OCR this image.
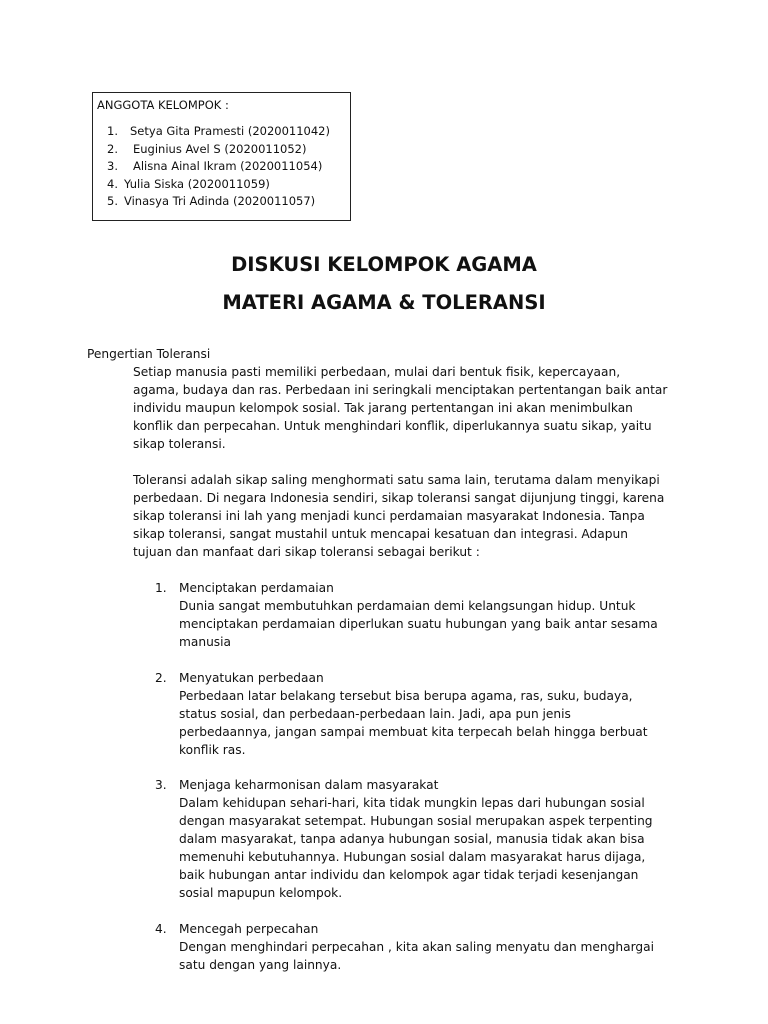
ANGGOTA KELOMPOK :
1. Setya Gita Pramesti (2020011042)
2. Euginius Avel S (2020011052)
3. Alisna Ainal Ikram (2020011054)
4. Yulia Siska (2020011059)
5. Vinasya Tri Adinda (2020011057)
DISKUSI KELOMPOK AGAMA
MATERI AGAMA & TOLERANSI
Pengertian Toleransi
Setiap manusia pasti memiliki perbedaan, mulai dari bentuk fisik, kepercayaan,
agama, budaya dan ras. Perbedaan ini seringkali menciptakan pertentangan baik antar
individu maupun kelompok sosial. Tak jarang pertentangan ini akan menimbulkan
konflik dan perpecahan. Untuk menghindari konflik, diperlukannya suatu sikap, yaitu
sikap toleransi.
Toleransi adalah sikap saling menghormati satu sama lain, terutama dalam menyikapi
perbedaan. Di negara Indonesia sendiri, sikap toleransi sangat dijunjung tinggi, karena
sikap toleransi ini lah yang menjadi kunci perdamaian masyarakat Indonesia. Tanpa
sikap toleransi, sangat mustahil untuk mencapai kesatuan dan integrasi. Adapun
tujuan dan manfaat dari sikap toleransi sebagai berikut :
1. Menciptakan perdamaian
Dunia sangat membutuhkan perdamaian demi kelangsungan hidup. Untuk
menciptakan perdamaian diperlukan suatu hubungan yang baik antar sesama
manusia
2. Menyatukan perbedaan
Perbedaan latar belakang tersebut bisa berupa agama, ras, suku, budaya,
status sosial, dan perbedaan-perbedaan lain. Jadi, apa pun jenis
perbedaannya, jangan sampai membuat kita terpecah belah hingga berbuat
konflik ras.
3. Menjaga keharmonisan dalam masyarakat
Dalam kehidupan sehari-hari, kita tidak mungkin lepas dari hubungan sosial
dengan masyarakat setempat. Hubungan sosial merupakan aspek terpenting
dalam masyarakat, tanpa adanya hubungan sosial, manusia tidak akan bisa
memenuhi kebutuhannya. Hubungan sosial dalam masyarakat harus dijaga,
baik hubungan antar individu dan kelompok agar tidak terjadi kesenjangan
sosial mapupun kelompok.
4. Mencegah perpecahan
Dengan menghindari perpecahan , kita akan saling menyatu dan menghargai
satu dengan yang lainnya.
